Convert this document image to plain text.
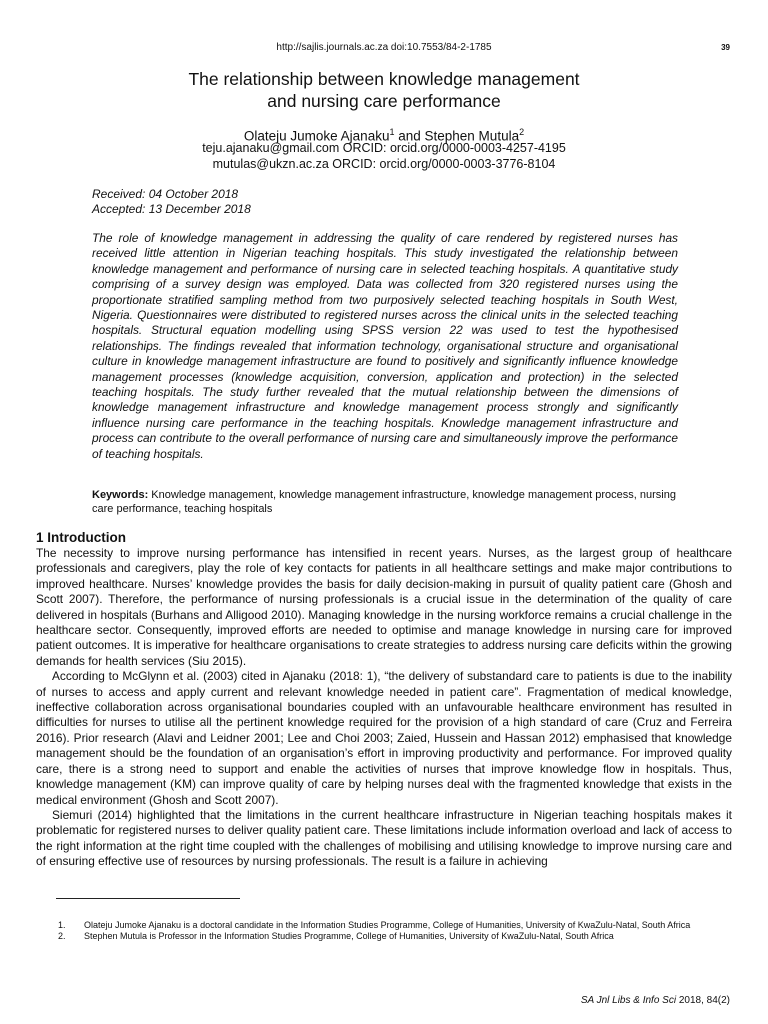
http://sajlis.journals.ac.za doi:10.7553/84-2-1785	39
The relationship between knowledge management
and nursing care performance
Olateju Jumoke Ajanaku$^1$ and Stephen Mutula$^2$
teju.ajanaku@gmail.com ORCID: orcid.org/0000-0003-4257-4195
mutulas@ukzn.ac.za ORCID: orcid.org/0000-0003-3776-8104
Received: 04 October 2018
Accepted: 13 December 2018
The role of knowledge management in addressing the quality of care rendered by registered nurses has received little attention in Nigerian teaching hospitals. This study investigated the relationship between knowledge management and performance of nursing care in selected teaching hospitals. A quantitative study comprising of a survey design was employed. Data was collected from 320 registered nurses using the proportionate stratified sampling method from two purposively selected teaching hospitals in South West, Nigeria. Questionnaires were distributed to registered nurses across the clinical units in the selected teaching hospitals. Structural equation modelling using SPSS version 22 was used to test the hypothesised relationships. The findings revealed that information technology, organisational structure and organisational culture in knowledge management infrastructure are found to positively and significantly influence knowledge management processes (knowledge acquisition, conversion, application and protection) in the selected teaching hospitals. The study further revealed that the mutual relationship between the dimensions of knowledge management infrastructure and knowledge management process strongly and significantly influence nursing care performance in the teaching hospitals. Knowledge management infrastructure and process can contribute to the overall performance of nursing care and simultaneously improve the performance of teaching hospitals.
Keywords: Knowledge management, knowledge management infrastructure, knowledge management process, nursing care performance, teaching hospitals
1 Introduction

The necessity to improve nursing performance has intensified in recent years. Nurses, as the largest group of healthcare professionals and caregivers, play the role of key contacts for patients in all healthcare settings and make major contributions to improved healthcare. Nurses’ knowledge provides the basis for daily decision-making in pursuit of quality patient care (Ghosh and Scott 2007). Therefore, the performance of nursing professionals is a crucial issue in the determination of the quality of care delivered in hospitals (Burhans and Alligood 2010). Managing knowledge in the nursing workforce remains a crucial challenge in the healthcare sector. Consequently, improved efforts are needed to optimise and manage knowledge in nursing care for improved patient outcomes. It is imperative for healthcare organisations to create strategies to address nursing care deficits within the growing demands for health services (Siu 2015).

According to McGlynn et al. (2003) cited in Ajanaku (2018: 1), “the delivery of substandard care to patients is due to the inability of nurses to access and apply current and relevant knowledge needed in patient care”. Fragmentation of medical knowledge, ineffective collaboration across organisational boundaries coupled with an unfavourable healthcare environment has resulted in difficulties for nurses to utilise all the pertinent knowledge required for the provision of a high standard of care (Cruz and Ferreira 2016). Prior research (Alavi and Leidner 2001; Lee and Choi 2003; Zaied, Hussein and Hassan 2012) emphasised that knowledge management should be the foundation of an organisation’s effort in improving productivity and performance. For improved quality care, there is a strong need to support and enable the activities of nurses that improve knowledge flow in hospitals. Thus, knowledge management (KM) can improve quality of care by helping nurses deal with the fragmented knowledge that exists in the medical environment (Ghosh and Scott 2007).

Siemuri (2014) highlighted that the limitations in the current healthcare infrastructure in Nigerian teaching hospitals makes it problematic for registered nurses to deliver quality patient care. These limitations include information overload and lack of access to the right information at the right time coupled with the challenges of mobilising and utilising knowledge to improve nursing care and of ensuring effective use of resources by nursing professionals. The result is a failure in achieving

1.	Olateju Jumoke Ajanaku is a doctoral candidate in the Information Studies Programme, College of Humanities, University of KwaZulu-Natal, South Africa
2.	Stephen Mutula is Professor in the Information Studies Programme, College of Humanities, University of KwaZulu-Natal, South Africa
SA Jnl Libs & Info Sci 2018, 84(2)
